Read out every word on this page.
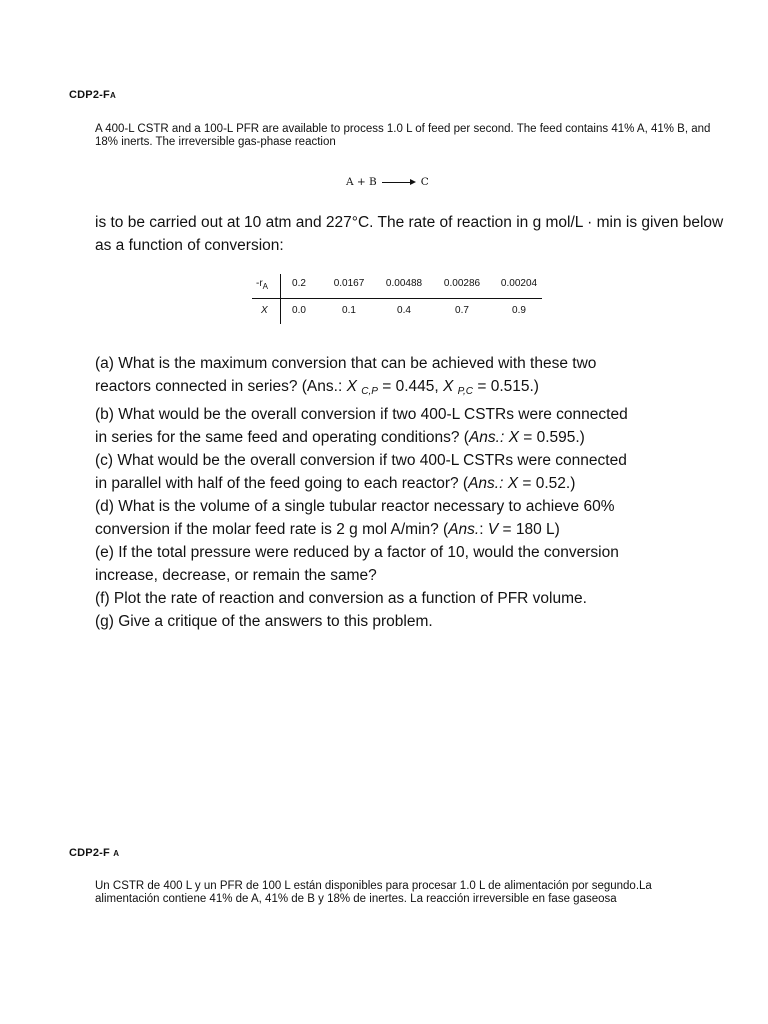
CDP2-FA
A 400-L CSTR and a 100-L PFR are available to process 1.0 L of feed per second. The feed contains 41% A, 41% B, and 18% inerts. The irreversible gas-phase reaction
A + B	C
is to be carried out at 10 atm and 227°C. The rate of reaction in g mol/L · min is given below as a function of conversion:
$-r_A$	0.2	0.0167	0.00488	0.00286	0.00204
X	0.0	0.1	0.4	0.7	0.9
(a) What is the maximum conversion that can be achieved with these two
reactors connected in series? (Ans.: X C,P = 0.445, X P,C = 0.515.)
(b) What would be the overall conversion if two 400-L CSTRs were connected
in series for the same feed and operating conditions? (Ans.: X = 0.595.)
(c) What would be the overall conversion if two 400-L CSTRs were connected
in parallel with half of the feed going to each reactor? (Ans.: X = 0.52.)
(d) What is the volume of a single tubular reactor necessary to achieve 60%
conversion if the molar feed rate is 2 g mol A/min? (Ans.: V = 180 L)
(e) If the total pressure were reduced by a factor of 10, would the conversion
increase, decrease, or remain the same?
(f) Plot the rate of reaction and conversion as a function of PFR volume.
(g) Give a critique of the answers to this problem.
CDP2-F A
Un CSTR de 400 L y un PFR de 100 L están disponibles para procesar 1.0 L de alimentación por segundo.La alimentación contiene 41% de A, 41% de B y 18% de inertes. La reacción irreversible en fase gaseosa
